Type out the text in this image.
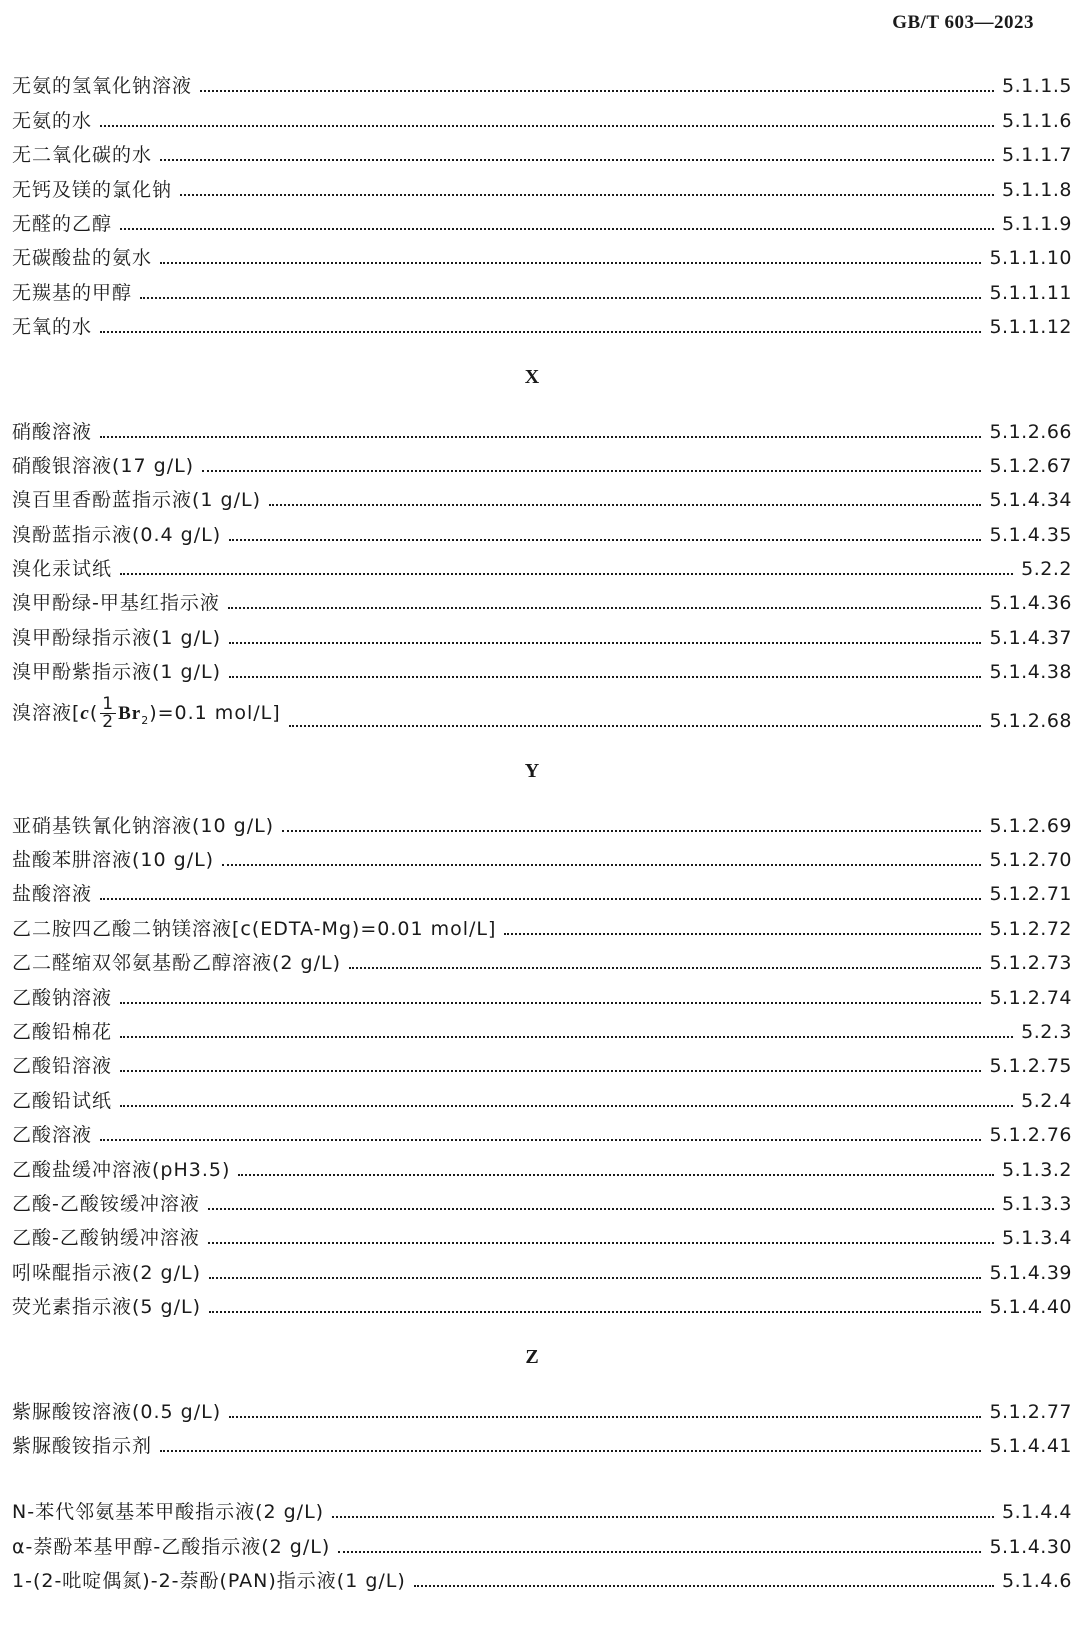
GB/T 603—2023
无氨的氢氧化钠溶液	5.1.1.5
无氨的水	5.1.1.6
无二氧化碳的水	5.1.1.7
无钙及镁的氯化钠	5.1.1.8
无醛的乙醇	5.1.1.9
无碳酸盐的氨水	5.1.1.10
无羰基的甲醇	5.1.1.11
无氧的水	5.1.1.12
X
硝酸溶液	5.1.2.66
硝酸银溶液(17 g/L)	5.1.2.67
溴百里香酚蓝指示液(1 g/L)	5.1.4.34
溴酚蓝指示液(0.4 g/L)	5.1.4.35
溴化汞试纸	5.2.2
溴甲酚绿-甲基红指示液	5.1.4.36
溴甲酚绿指示液(1 g/L)	5.1.4.37
溴甲酚紫指示液(1 g/L)	5.1.4.38
溴溶液[$c( \frac{1}{2} Br_2)=0.1$ mol/L]	5.1.2.68
Y
亚硝基铁氰化钠溶液(10 g/L)	5.1.2.69
盐酸苯肼溶液(10 g/L)	5.1.2.70
盐酸溶液	5.1.2.71
乙二胺四乙酸二钠镁溶液[c(EDTA-Mg)=0.01 mol/L]	5.1.2.72
乙二醛缩双邻氨基酚乙醇溶液(2 g/L)	5.1.2.73
乙酸钠溶液	5.1.2.74
乙酸铅棉花	5.2.3
乙酸铅溶液	5.1.2.75
乙酸铅试纸	5.2.4
乙酸溶液	5.1.2.76
乙酸盐缓冲溶液(pH3.5)	5.1.3.2
乙酸-乙酸铵缓冲溶液	5.1.3.3
乙酸-乙酸钠缓冲溶液	5.1.3.4
吲哚醌指示液(2 g/L)	5.1.4.39
荧光素指示液(5 g/L)	5.1.4.40
Z
紫脲酸铵溶液(0.5 g/L)	5.1.2.77
紫脲酸铵指示剂	5.1.4.41
N-苯代邻氨基苯甲酸指示液(2 g/L)	5.1.4.4
α-萘酚苯基甲醇-乙酸指示液(2 g/L)	5.1.4.30
1-(2-吡啶偶氮)-2-萘酚(PAN)指示液(1 g/L)	5.1.4.6
